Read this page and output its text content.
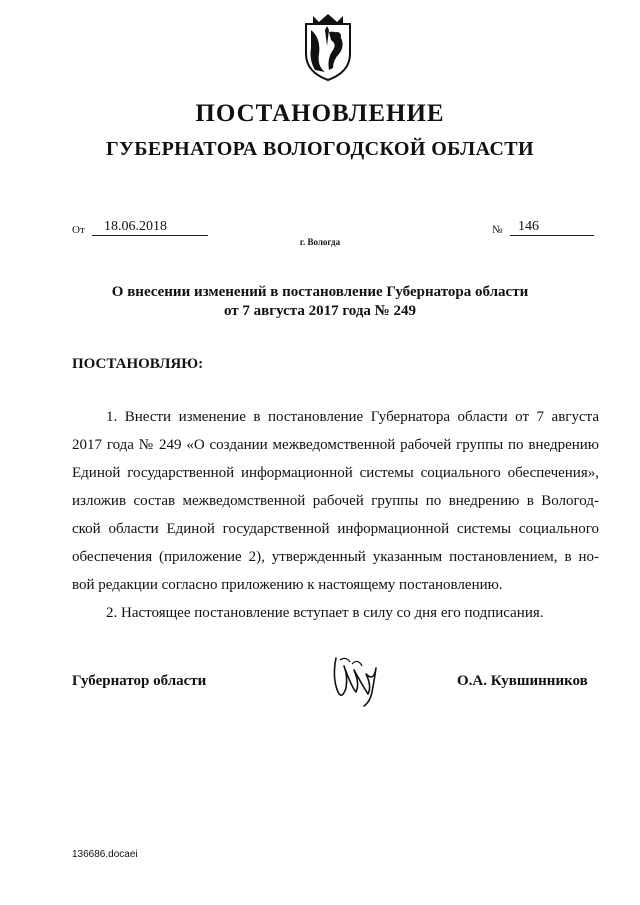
ПОСТАНОВЛЕНИЕ
ГУБЕРНАТОРА ВОЛОГОДСКОЙ ОБЛАСТИ
От	18.06.2018	№	146
г. Вологда
О внесении изменений в постановление Губернатора области
от 7 августа 2017 года № 249
ПОСТАНОВЛЯЮ:
1. Внести изменение в постановление Губернатора области от 7 августа
2017 года № 249 «О создании межведомственной рабочей группы по внедрению
Единой государственной информационной системы социального обеспечения»,
изложив состав межведомственной рабочей группы по внедрению в Вологод-
ской области Единой государственной информационной системы социального
обеспечения (приложение 2), утвержденный указанным постановлением, в но-
вой редакции согласно приложению к настоящему постановлению.
2. Настоящее постановление вступает в силу со дня его подписания.
Губернатор области	О.А. Кувшинников
136686.docaei
